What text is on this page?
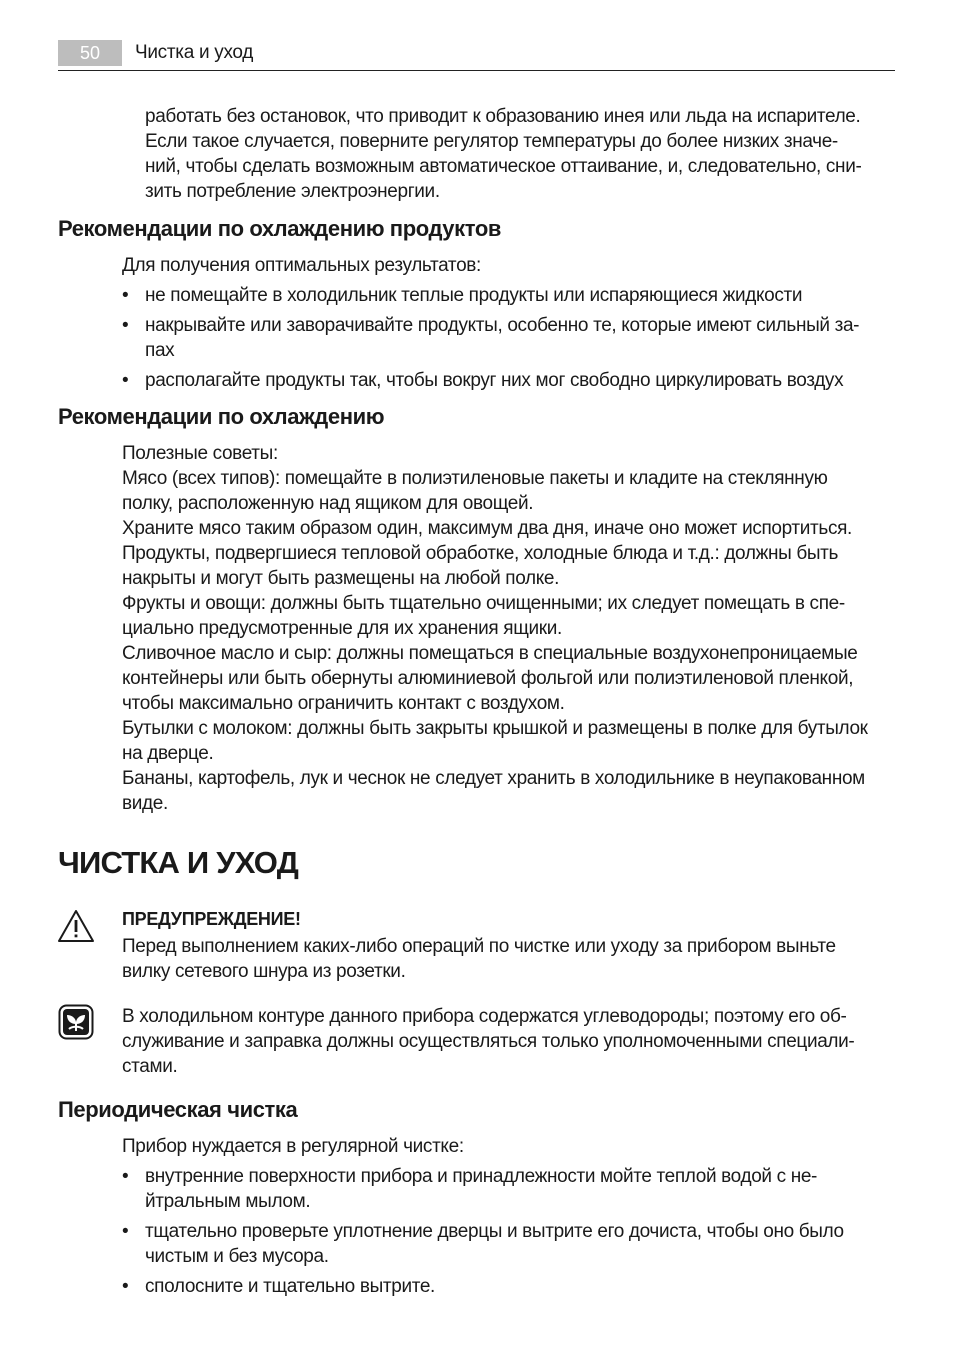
50	Чистка и уход
работать без остановок, что приводит к образованию инея или льда на испарителе.
Если такое случается, поверните регулятор температуры до более низких значе-
ний, чтобы сделать возможным автоматическое оттаивание, и, следовательно, сни-
зить потребление электроэнергии.
Рекомендации по охлаждению продуктов
Для получения оптимальных результатов:
• не помещайте в холодильник теплые продукты или испаряющиеся жидкости
• накрывайте или заворачивайте продукты, особенно те, которые имеют сильный за-
пах
• располагайте продукты так, чтобы вокруг них мог свободно циркулировать воздух
Рекомендации по охлаждению
Полезные советы:
Мясо (всех типов): помещайте в полиэтиленовые пакеты и кладите на стеклянную
полку, расположенную над ящиком для овощей.
Храните мясо таким образом один, максимум два дня, иначе оно может испортиться.
Продукты, подвергшиеся тепловой обработке, холодные блюда и т.д.: должны быть
накрыты и могут быть размещены на любой полке.
Фрукты и овощи: должны быть тщательно очищенными; их следует помещать в спе-
циально предусмотренные для их хранения ящики.
Сливочное масло и сыр: должны помещаться в специальные воздухонепроницаемые
контейнеры или быть обернуты алюминиевой фольгой или полиэтиленовой пленкой,
чтобы максимально ограничить контакт с воздухом.
Бутылки с молоком: должны быть закрыты крышкой и размещены в полке для бутылок
на дверце.
Бананы, картофель, лук и чеснок не следует хранить в холодильнике в неупакованном
виде.
ЧИСТКА И УХОД
ПРЕДУПРЕЖДЕНИЕ!
Перед выполнением каких-либо операций по чистке или уходу за прибором выньте
вилку сетевого шнура из розетки.
В холодильном контуре данного прибора содержатся углеводороды; поэтому его об-
служивание и заправка должны осуществляться только уполномоченными специали-
стами.
Периодическая чистка
Прибор нуждается в регулярной чистке:
• внутренние поверхности прибора и принадлежности мойте теплой водой с не-
йтральным мылом.
• тщательно проверьте уплотнение дверцы и вытрите его дочиста, чтобы оно было
чистым и без мусора.
• сполосните и тщательно вытрите.
